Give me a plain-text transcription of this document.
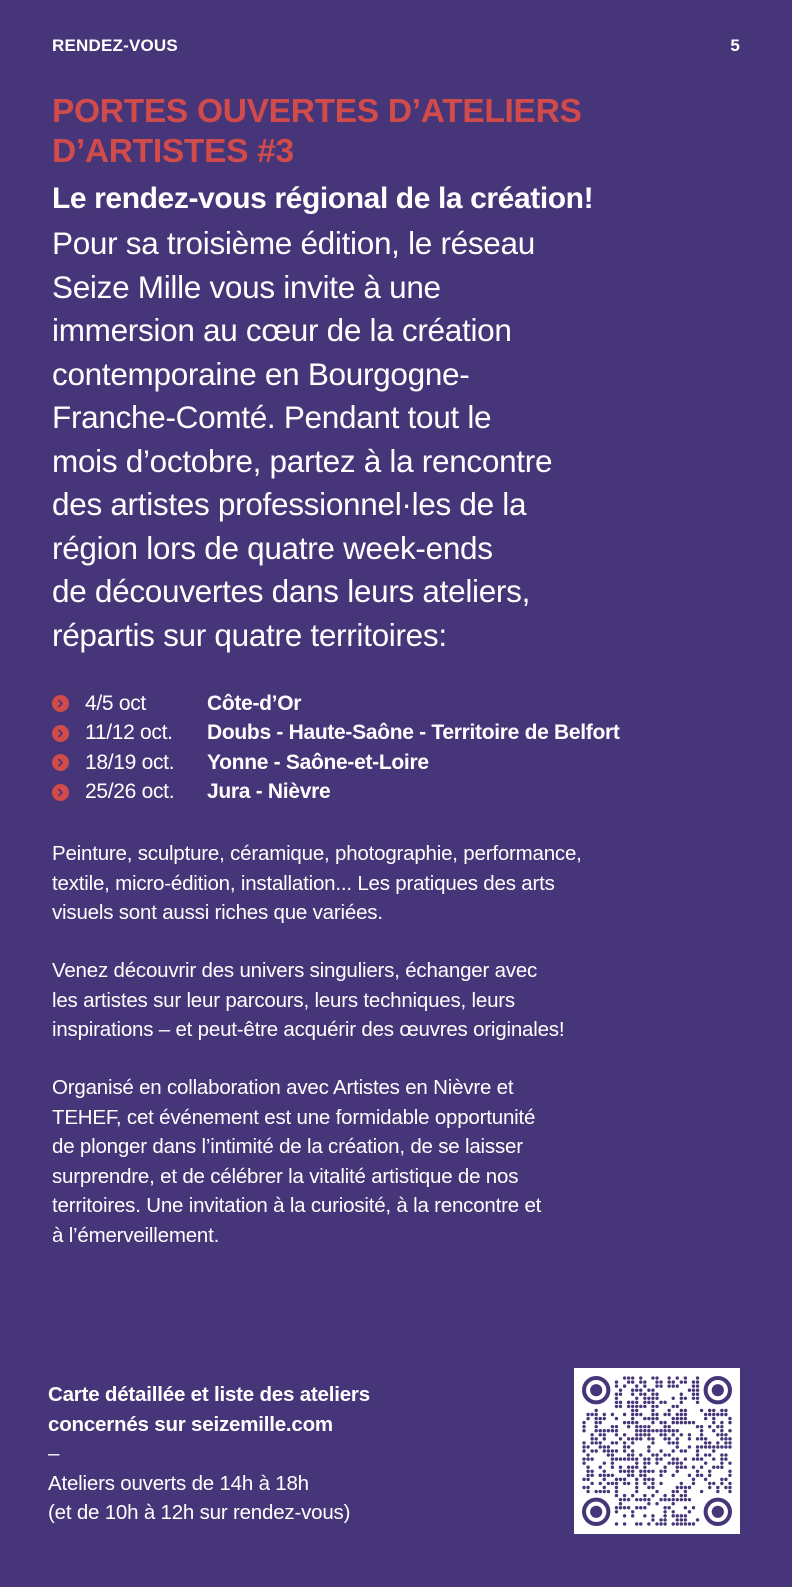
RENDEZ-VOUS	5
PORTES OUVERTES D’ATELIERS
D’ARTISTES #3
Le rendez-vous régional de la création!
Pour sa troisième édition, le réseau
Seize Mille vous invite à une
immersion au cœur de la création
contemporaine en Bourgogne-
Franche-Comté. Pendant tout le
mois d’octobre, partez à la rencontre
des artistes professionnel·les de la
région lors de quatre week-ends
de découvertes dans leurs ateliers,
répartis sur quatre territoires:
4/5 oct	Côte-d’Or
11/12 oct.	Doubs - Haute-Saône - Territoire de Belfort
18/19 oct.	Yonne - Saône-et-Loire
25/26 oct.	Jura - Nièvre
Peinture, sculpture, céramique, photographie, performance,
textile, micro-édition, installation... Les pratiques des arts
visuels sont aussi riches que variées.
Venez découvrir des univers singuliers, échanger avec
les artistes sur leur parcours, leurs techniques, leurs
inspirations – et peut-être acquérir des œuvres originales!
Organisé en collaboration avec Artistes en Nièvre et
TEHEF, cet événement est une formidable opportunité
de plonger dans l’intimité de la création, de se laisser
surprendre, et de célébrer la vitalité artistique de nos
territoires. Une invitation à la curiosité, à la rencontre et
à l’émerveillement.
Carte détaillée et liste des ateliers
concernés sur seizemille.com
–
Ateliers ouverts de 14h à 18h
(et de 10h à 12h sur rendez-vous)
